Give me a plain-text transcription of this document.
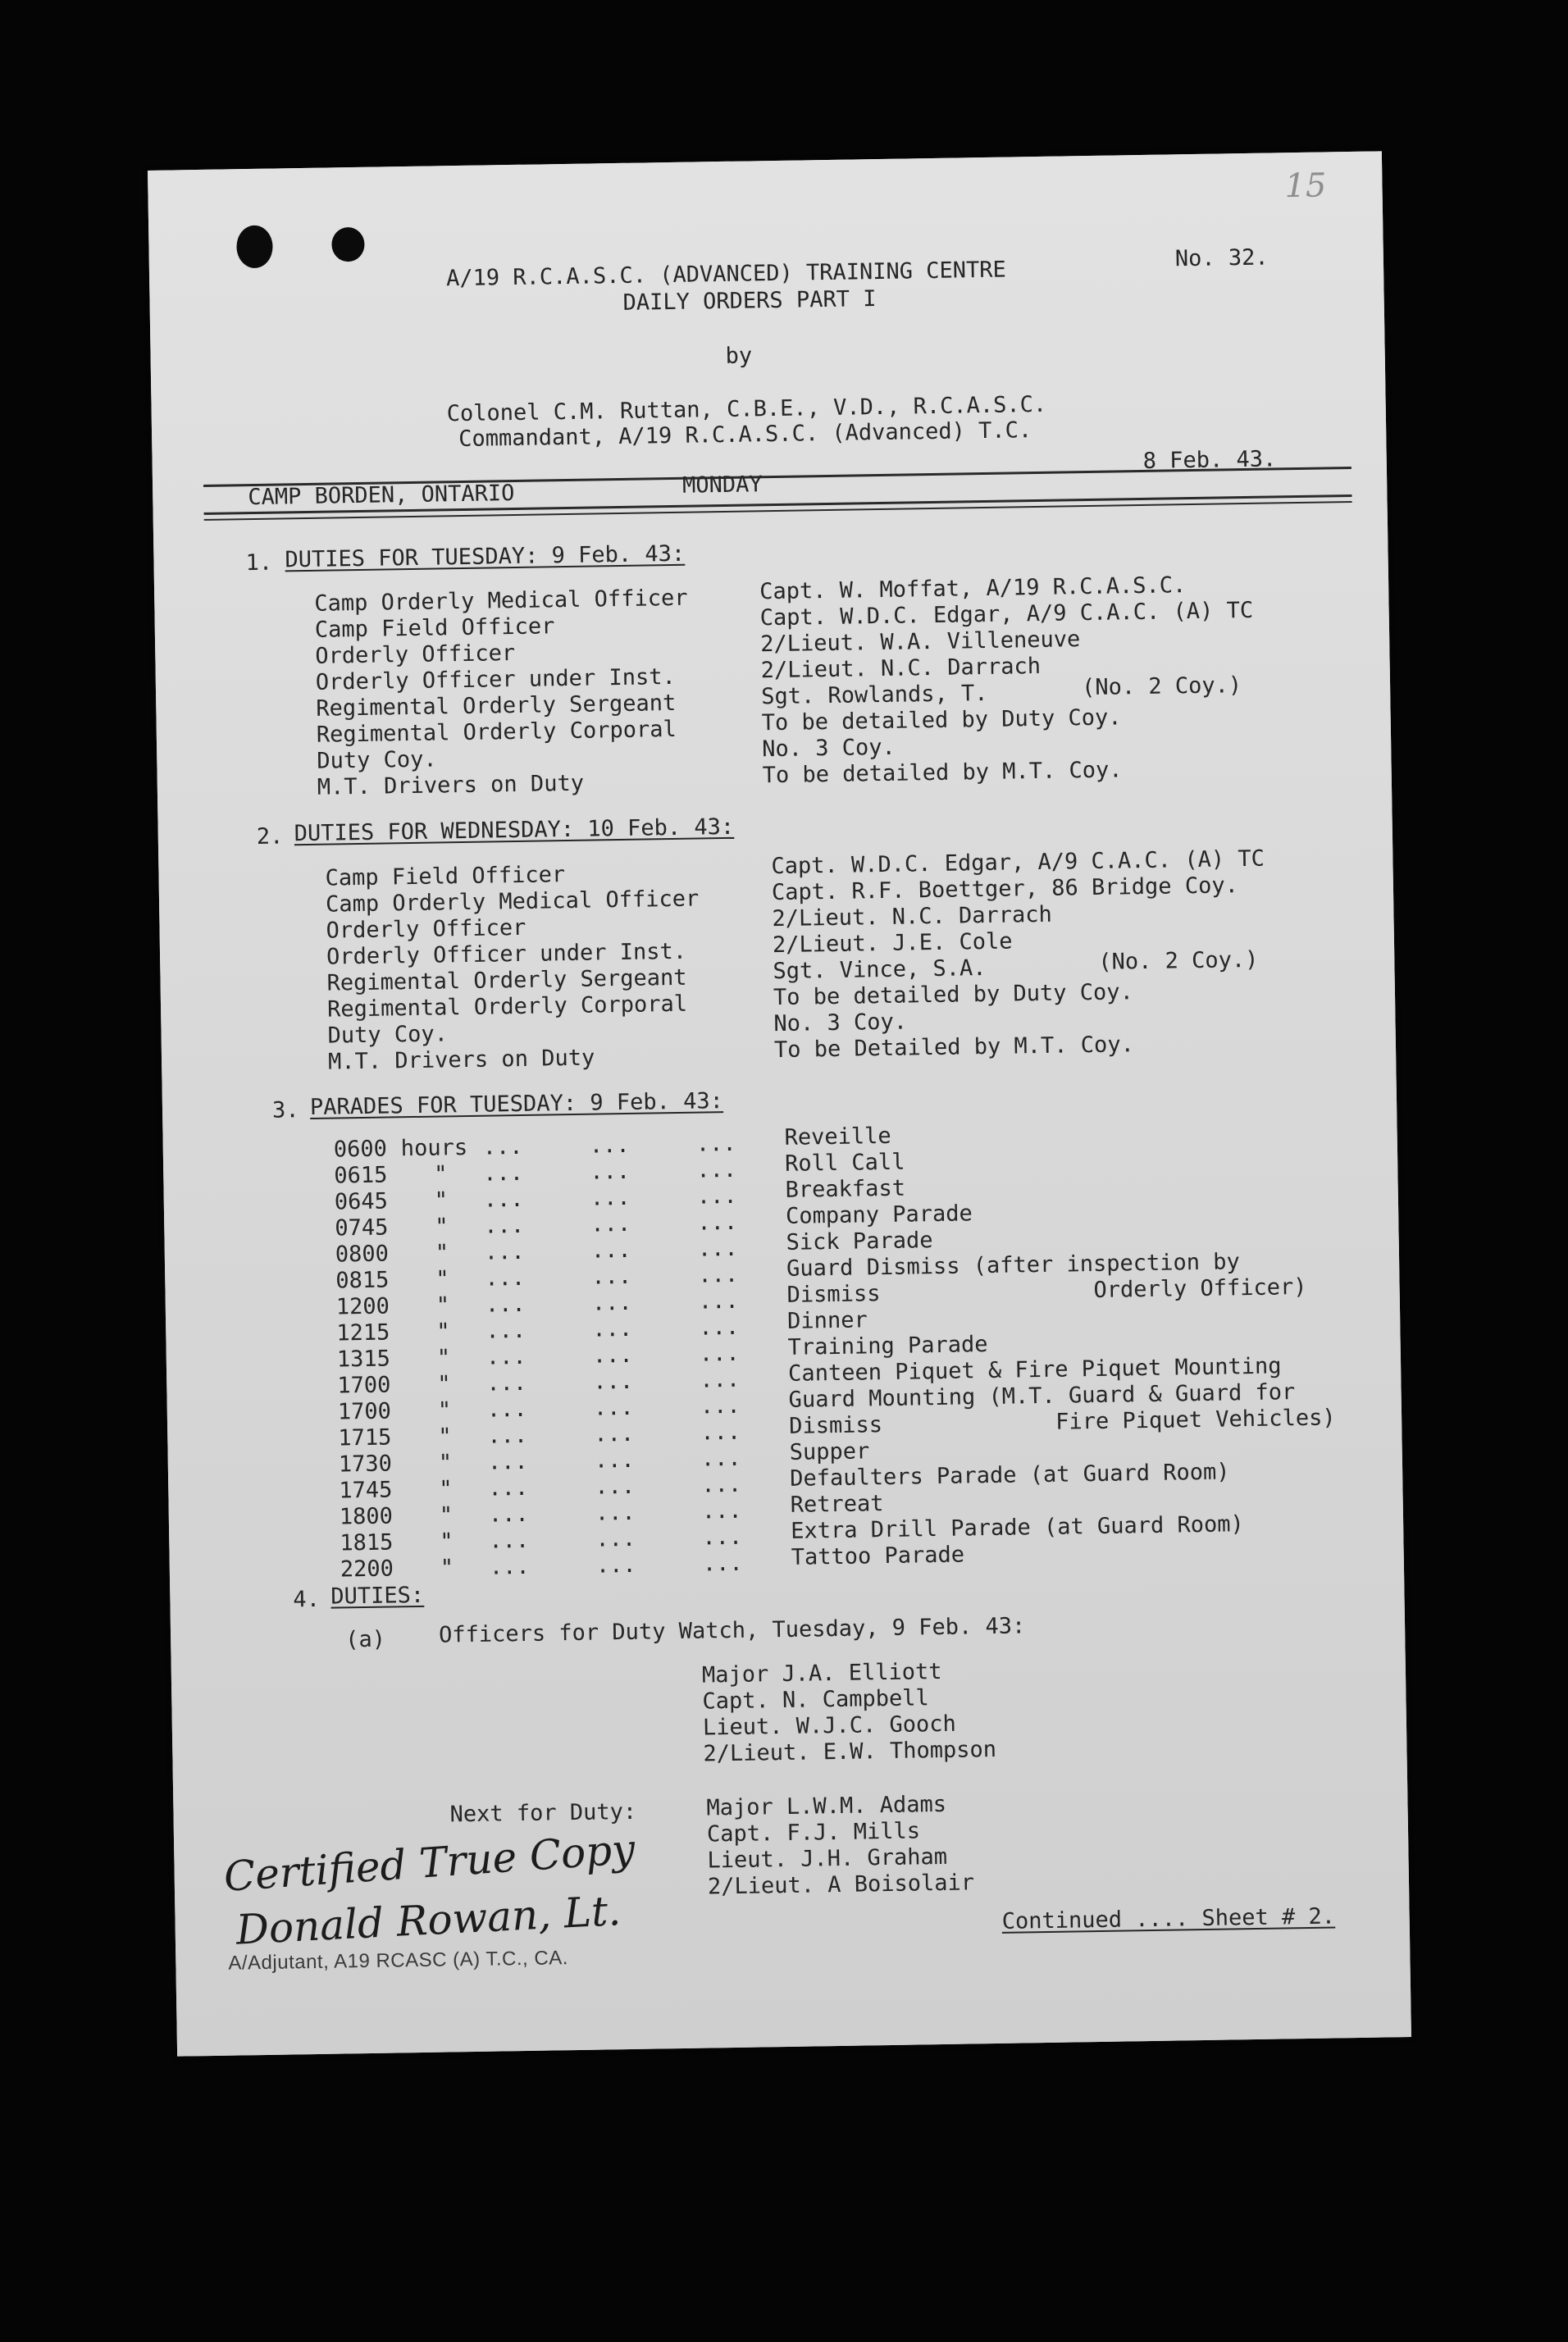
15
No. 32.
A/19 R.C.A.S.C. (ADVANCED) TRAINING CENTRE
DAILY ORDERS PART I
by
Colonel C.M. Ruttan, C.B.E., V.D., R.C.A.S.C.
Commandant, A/19 R.C.A.S.C. (Advanced) T.C.
CAMP BORDEN, ONTARIO	MONDAY
8 Feb. 43.
1. DUTIES FOR TUESDAY: 9 Feb. 43:
Camp Orderly Medical Officer	Capt. W. Moffat, A/19 R.C.A.S.C.
Camp Field Officer	Capt. W.D.C. Edgar, A/9 C.A.C. (A) TC
Orderly Officer	2/Lieut. W.A. Villeneuve
Orderly Officer under Inst.	2/Lieut. N.C. Darrach
Regimental Orderly Sergeant	Sgt. Rowlands, T.	(No. 2 Coy.)
Regimental Orderly Corporal	To be detailed by Duty Coy.
Duty Coy.	No. 3 Coy.
M.T. Drivers on Duty	To be detailed by M.T. Coy.
2. DUTIES FOR WEDNESDAY: 10 Feb. 43:
Camp Field Officer	Capt. W.D.C. Edgar, A/9 C.A.C. (A) TC
Camp Orderly Medical Officer	Capt. R.F. Boettger, 86 Bridge Coy.
Orderly Officer	2/Lieut. N.C. Darrach
Orderly Officer under Inst.	2/Lieut. J.E. Cole
Regimental Orderly Sergeant	Sgt. Vince, S.A.	(No. 2 Coy.)
Regimental Orderly Corporal	To be detailed by Duty Coy.
Duty Coy.	No. 3 Coy.
M.T. Drivers on Duty	To be Detailed by M.T. Coy.
3. PARADES FOR TUESDAY: 9 Feb. 43:
0600 hours ...     ...     ... Reveille
0615 " ...     ...     ... Roll Call
0645 " ...     ...     ... Breakfast
0745 " ...     ...     ... Company Parade
0800 " ...     ...     ... Sick Parade
0815 " ...     ...     ... Guard Dismiss (after inspection by
1200 " ...     ...     ... Dismiss                Orderly Officer)
1215 " ...     ...     ... Dinner
1315 " ...     ...     ... Training Parade
1700 " ...     ...     ... Canteen Piquet & Fire Piquet Mounting
1700 " ...     ...     ... Guard Mounting (M.T. Guard & Guard for
1715 " ...     ...     ... Dismiss             Fire Piquet Vehicles)
1730 " ...     ...     ... Supper
1745 " ...     ...     ... Defaulters Parade (at Guard Room)
1800 " ...     ...     ... Retreat
1815 " ...     ...     ... Extra Drill Parade (at Guard Room)
2200 " ...     ...     ... Tattoo Parade
4. DUTIES:
(a) Officers for Duty Watch, Tuesday, 9 Feb. 43:
Major J.A. Elliott
Capt. N. Campbell
Lieut. W.J.C. Gooch
2/Lieut. E.W. Thompson
Next for Duty:	Major L.W.M. Adams
Capt. F.J. Mills
Lieut. J.H. Graham
2/Lieut. A Boisolair
Certified True Copy
Donald Rowan, Lt.
A/Adjutant, A19 RCASC (A) T.C., CA.
Continued .... Sheet # 2.
